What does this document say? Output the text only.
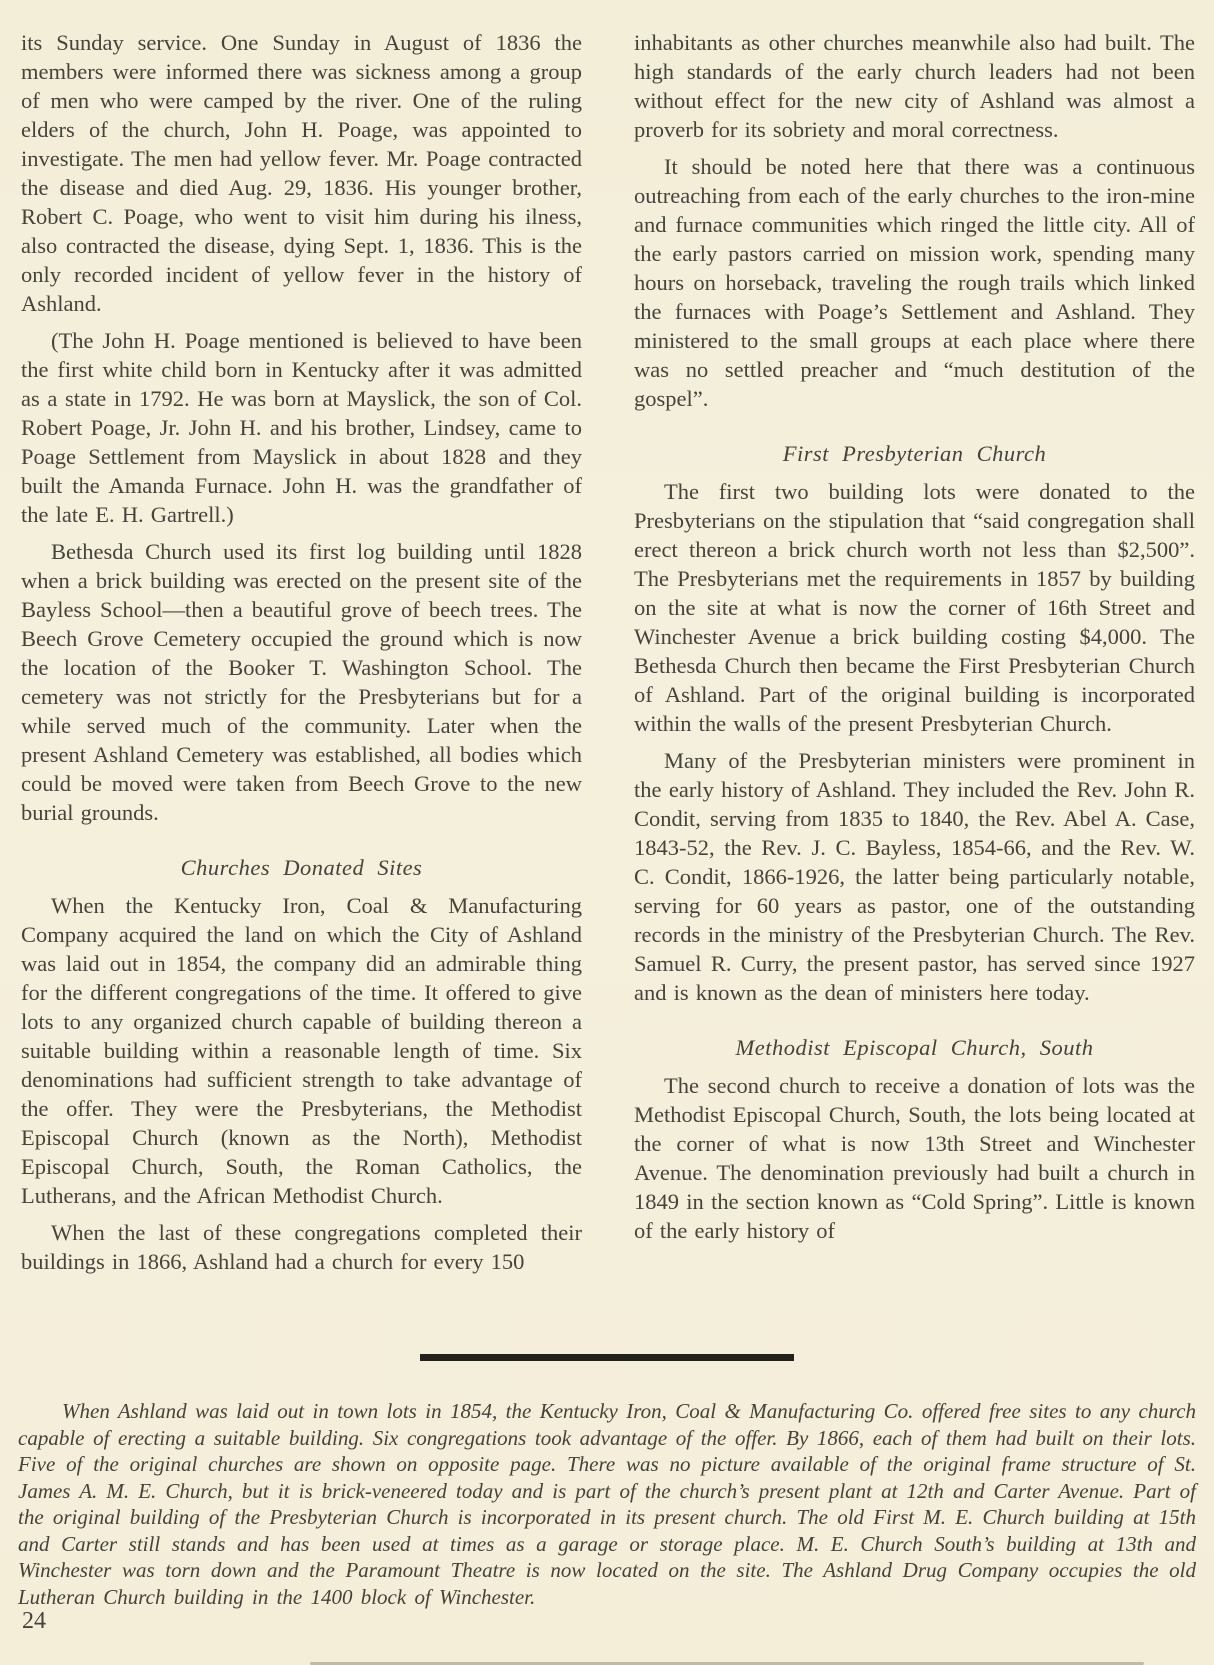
its Sunday service. One Sunday in August of 1836 the members were informed there was sickness among a group of men who were camped by the river. One of the ruling elders of the church, John H. Poage, was appointed to investigate. The men had yellow fever. Mr. Poage contracted the disease and died Aug. 29, 1836. His younger brother, Robert C. Poage, who went to visit him during his ilness, also contracted the disease, dying Sept. 1, 1836. This is the only recorded incident of yellow fever in the history of Ashland.

(The John H. Poage mentioned is believed to have been the first white child born in Kentucky after it was admitted as a state in 1792. He was born at Mayslick, the son of Col. Robert Poage, Jr. John H. and his brother, Lindsey, came to Poage Settlement from Mayslick in about 1828 and they built the Amanda Furnace. John H. was the grandfather of the late E. H. Gartrell.)

Bethesda Church used its first log building until 1828 when a brick building was erected on the present site of the Bayless School—then a beautiful grove of beech trees. The Beech Grove Cemetery occupied the ground which is now the location of the Booker T. Washington School. The cemetery was not strictly for the Presbyterians but for a while served much of the community. Later when the present Ashland Cemetery was established, all bodies which could be moved were taken from Beech Grove to the new burial grounds.

Churches Donated Sites

When the Kentucky Iron, Coal & Manufacturing Company acquired the land on which the City of Ashland was laid out in 1854, the company did an admirable thing for the different congregations of the time. It offered to give lots to any organized church capable of building thereon a suitable building within a reasonable length of time. Six denominations had sufficient strength to take advantage of the offer. They were the Presbyterians, the Methodist Episcopal Church (known as the North), Methodist Episcopal Church, South, the Roman Catholics, the Lutherans, and the African Methodist Church.

When the last of these congregations completed their buildings in 1866, Ashland had a church for every 150

inhabitants as other churches meanwhile also had built. The high standards of the early church leaders had not been without effect for the new city of Ashland was almost a proverb for its sobriety and moral correctness.

It should be noted here that there was a continuous outreaching from each of the early churches to the iron-mine and furnace communities which ringed the little city. All of the early pastors carried on mission work, spending many hours on horseback, traveling the rough trails which linked the furnaces with Poage’s Settlement and Ashland. They ministered to the small groups at each place where there was no settled preacher and “much destitution of the gospel”.

First Presbyterian Church

The first two building lots were donated to the Presbyterians on the stipulation that “said congregation shall erect thereon a brick church worth not less than $2,500”. The Presbyterians met the requirements in 1857 by building on the site at what is now the corner of 16th Street and Winchester Avenue a brick building costing $4,000. The Bethesda Church then became the First Presbyterian Church of Ashland. Part of the original building is incorporated within the walls of the present Presbyterian Church.

Many of the Presbyterian ministers were prominent in the early history of Ashland. They included the Rev. John R. Condit, serving from 1835 to 1840, the Rev. Abel A. Case, 1843-52, the Rev. J. C. Bayless, 1854-66, and the Rev. W. C. Condit, 1866-1926, the latter being particularly notable, serving for 60 years as pastor, one of the outstanding records in the ministry of the Presbyterian Church. The Rev. Samuel R. Curry, the present pastor, has served since 1927 and is known as the dean of ministers here today.

Methodist Episcopal Church, South

The second church to receive a donation of lots was the Methodist Episcopal Church, South, the lots being located at the corner of what is now 13th Street and Winchester Avenue. The denomination previously had built a church in 1849 in the section known as “Cold Spring”. Little is known of the early history of

When Ashland was laid out in town lots in 1854, the Kentucky Iron, Coal & Manufacturing Co. offered free sites to any church capable of erecting a suitable building. Six congregations took advantage of the offer. By 1866, each of them had built on their lots. Five of the original churches are shown on opposite page. There was no picture available of the original frame structure of St. James A. M. E. Church, but it is brick-veneered today and is part of the church’s present plant at 12th and Carter Avenue. Part of the original building of the Presbyterian Church is incorporated in its present church. The old First M. E. Church building at 15th and Carter still stands and has been used at times as a garage or storage place. M. E. Church South’s building at 13th and Winchester was torn down and the Paramount Theatre is now located on the site. The Ashland Drug Company occupies the old Lutheran Church building in the 1400 block of Winchester.

24
